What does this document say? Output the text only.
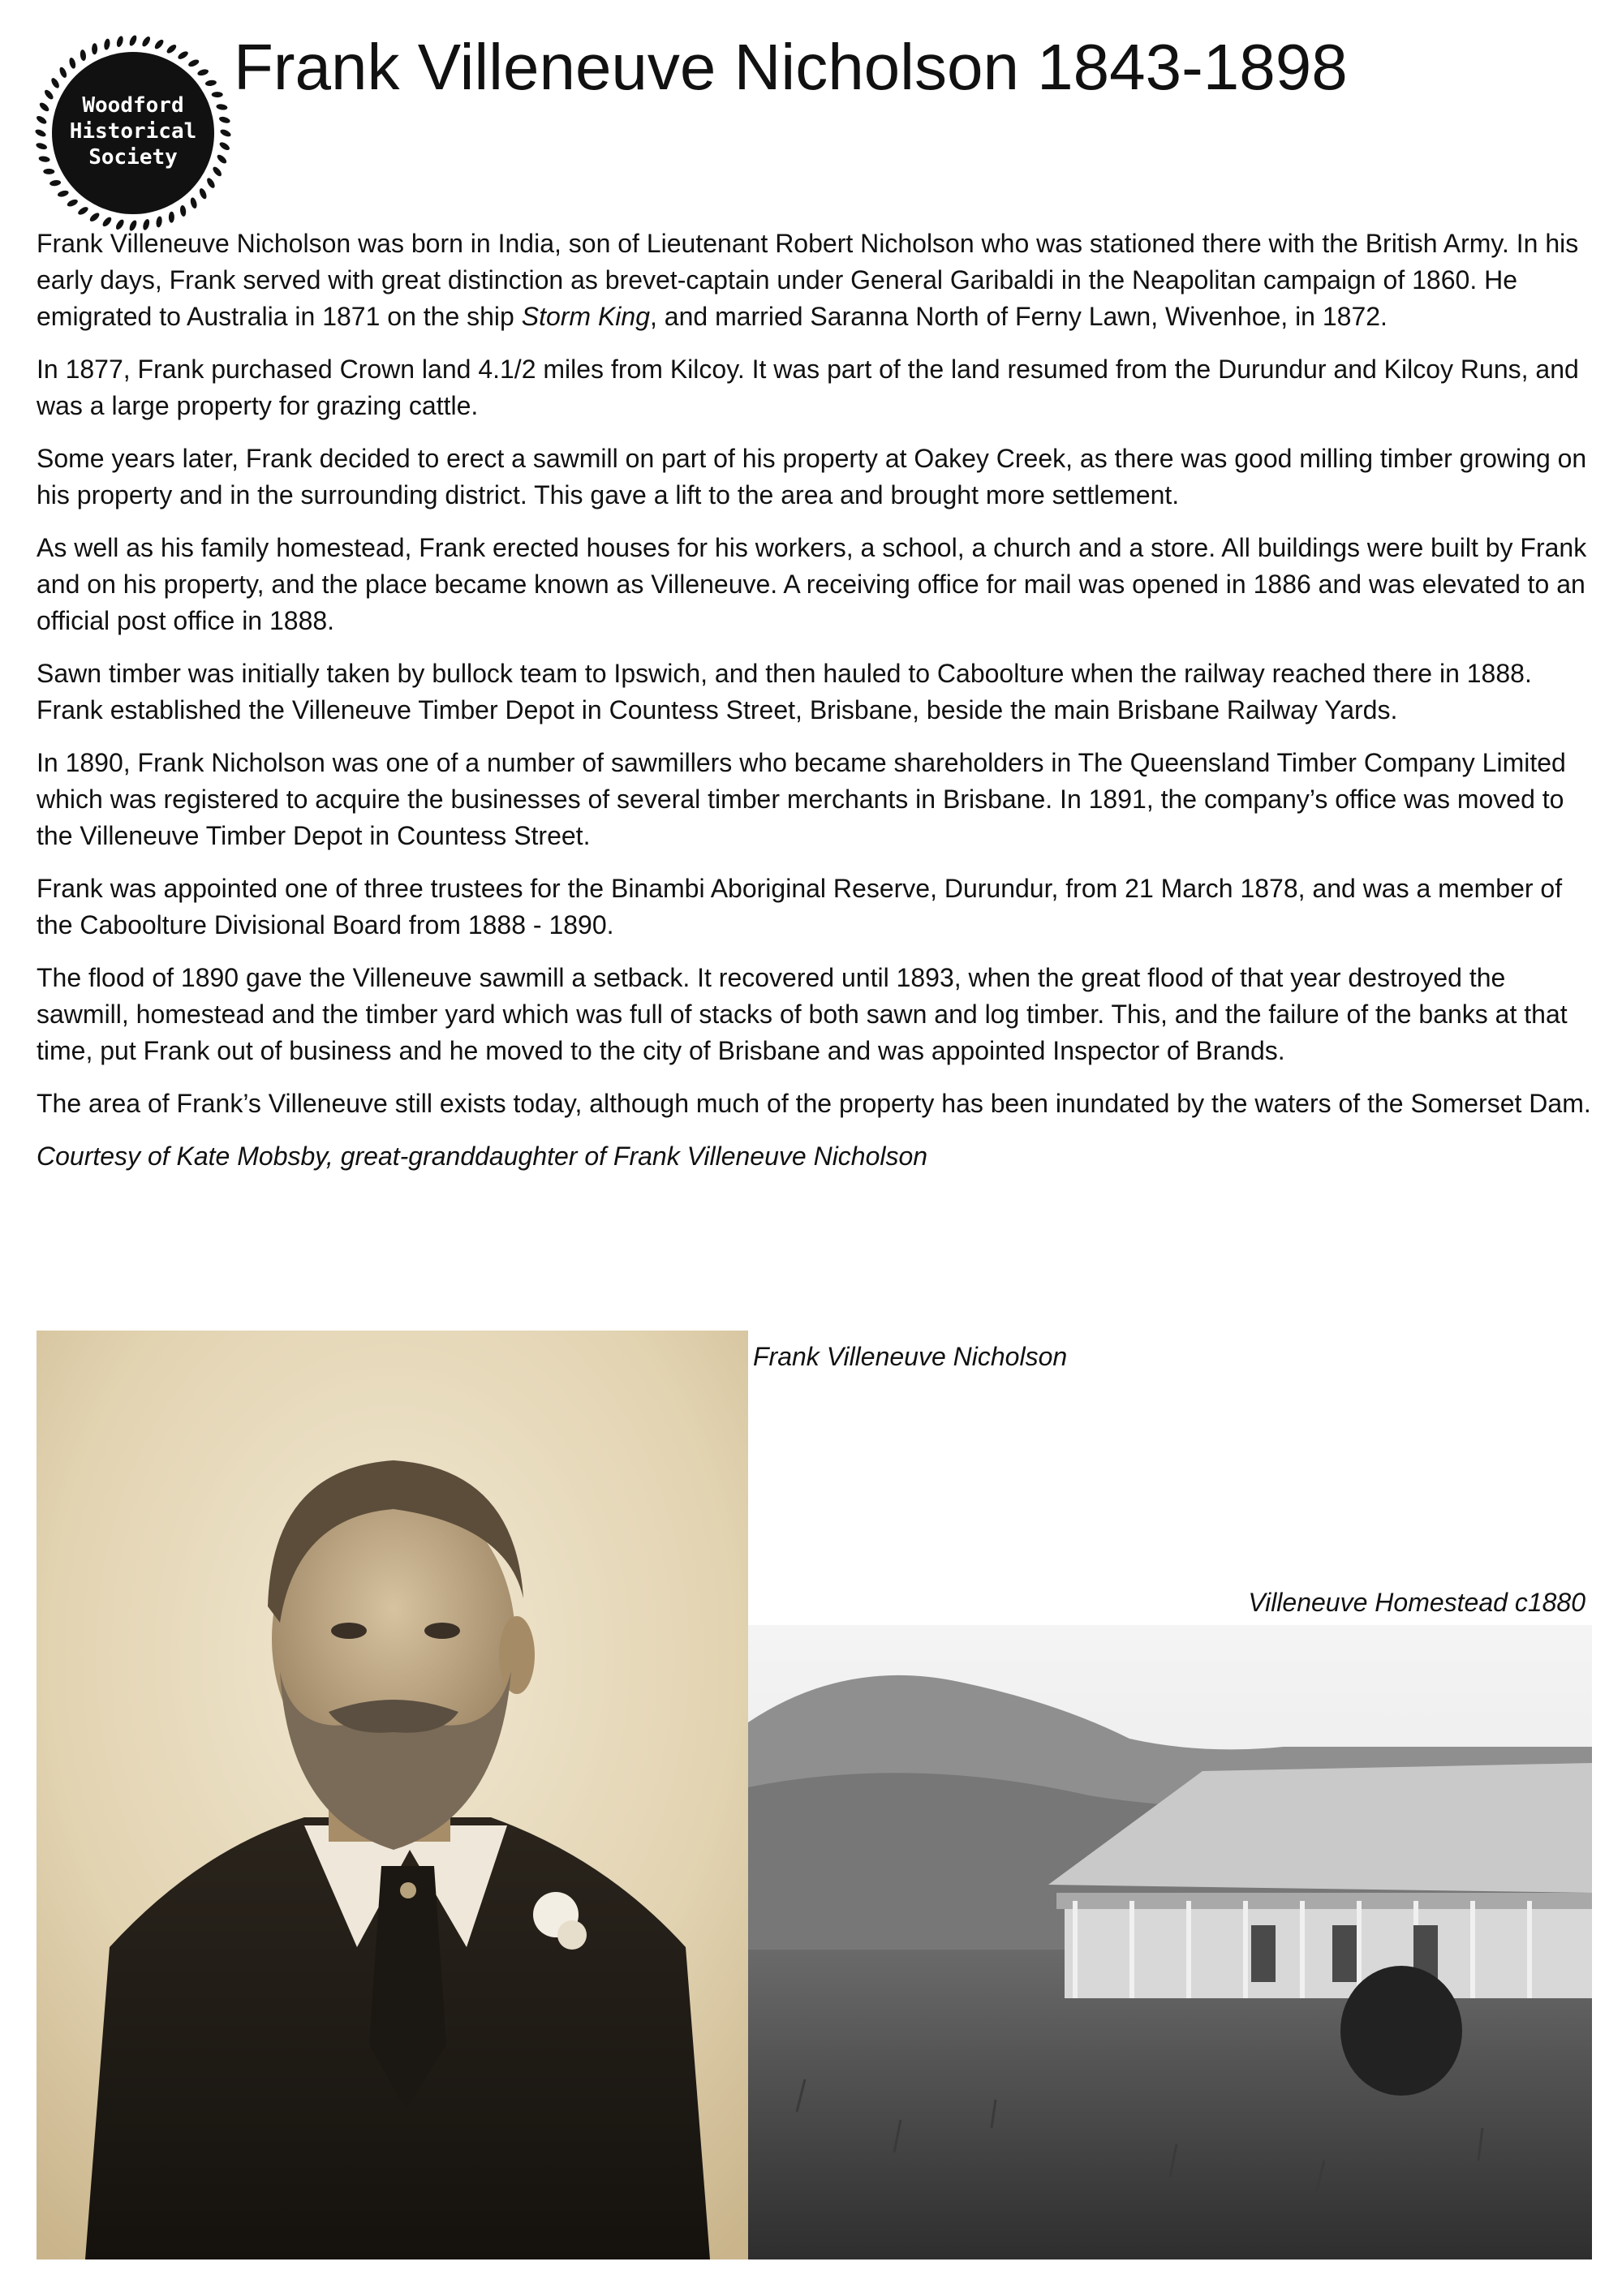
Woodford
Historical
Society
Frank Villeneuve Nicholson 1843-1898

Frank Villeneuve Nicholson was born in India, son of Lieutenant Robert Nicholson who was stationed there with the British Army. In his early days, Frank served with great distinction as brevet-captain under General Garibaldi in the Neapolitan campaign of 1860. He emigrated to Australia in 1871 on the ship Storm King, and married Saranna North of Ferny Lawn, Wivenhoe, in 1872.

In 1877, Frank purchased Crown land 4.1/2 miles from Kilcoy. It was part of the land resumed from the Durundur and Kilcoy Runs, and was a large property for grazing cattle.

Some years later, Frank decided to erect a sawmill on part of his property at Oakey Creek, as there was good milling timber growing on his property and in the surrounding district. This gave a lift to the area and brought more settlement.

As well as his family homestead, Frank erected houses for his workers, a school, a church and a store. All buildings were built by Frank and on his property, and the place became known as Villeneuve. A receiving office for mail was opened in 1886 and was elevated to an official post office in 1888.

Sawn timber was initially taken by bullock team to Ipswich, and then hauled to Caboolture when the railway reached there in 1888. Frank established the Villeneuve Timber Depot in Countess Street, Brisbane, beside the main Brisbane Railway Yards.

In 1890, Frank Nicholson was one of a number of sawmillers who became shareholders in The Queensland Timber Company Limited which was registered to acquire the businesses of several timber merchants in Brisbane. In 1891, the company’s office was moved to the Villeneuve Timber Depot in Countess Street.

Frank was appointed one of three trustees for the Binambi Aboriginal Reserve, Durundur, from 21 March 1878, and was a member of the Caboolture Divisional Board from 1888 - 1890.

The flood of 1890 gave the Villeneuve sawmill a setback. It recovered until 1893, when the great flood of that year destroyed the sawmill, homestead and the timber yard which was full of stacks of both sawn and log timber. This, and the failure of the banks at that time, put Frank out of business and he moved to the city of Brisbane and was appointed Inspector of Brands.

The area of Frank’s Villeneuve still exists today, although much of the property has been inundated by the waters of the Somerset Dam.

Courtesy of Kate Mobsby, great-granddaughter of Frank Villeneuve Nicholson

Frank Villeneuve Nicholson
Villeneuve Homestead c1880
